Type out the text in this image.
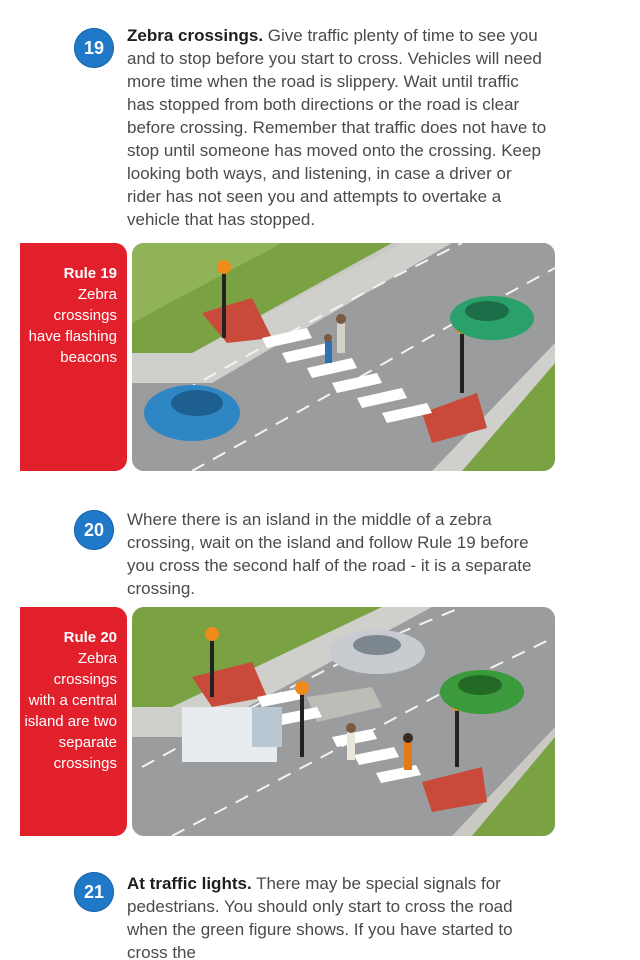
19

Zebra crossings. Give traffic plenty of time to see you and to stop before you start to cross. Vehicles will need more time when the road is slippery. Wait until traffic has stopped from both directions or the road is clear before crossing. Remember that traffic does not have to stop until someone has moved onto the crossing. Keep looking both ways, and listening, in case a driver or rider has not seen you and attempts to overtake a vehicle that has stopped.

Rule 19
Zebra crossings have flashing beacons
20	Where there is an island in the middle of a zebra crossing, wait on the island and follow Rule 19 before you cross the second half of the road - it is a separate crossing.

Rule 20
Zebra crossings with a central island are two separate crossings
21	At traffic lights. There may be special signals for pedestrians. You should only start to cross the road when the green figure shows. If you have started to cross the
